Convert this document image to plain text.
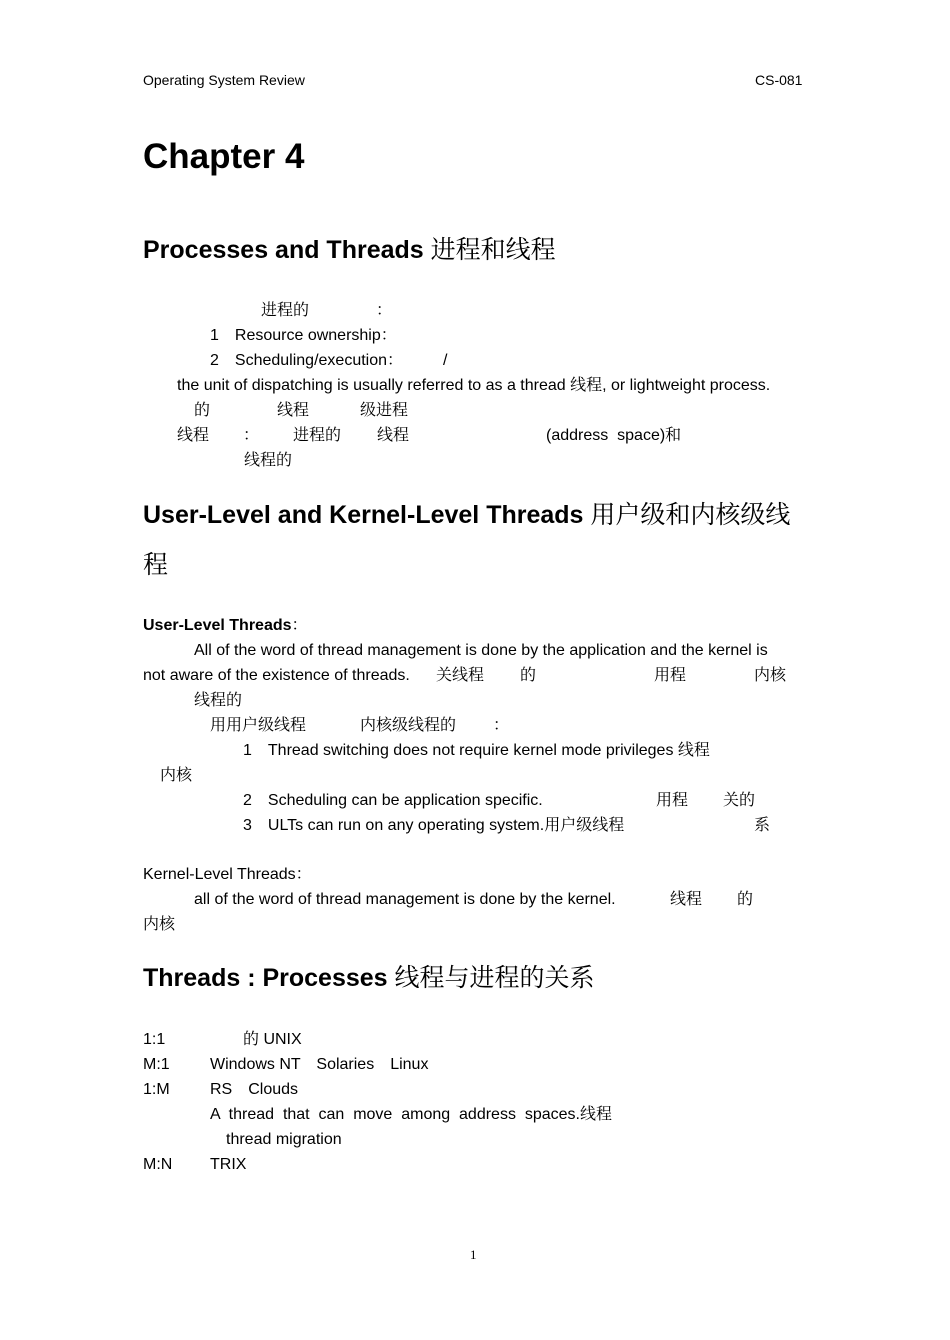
Operating System Review	CS-081
Chapter 4
Processes and Threads 进程和线程
进程的	：
1　Resource ownership：
2　Scheduling/execution： /
the unit of dispatching is usually referred to as a thread 线程, or lightweight process.
的	线程	级进程
线程 ： 进程的 线程	(address  space)和
线程的
User-Level and Kernel-Level Threads 用户级和内核级线
程
User-Level Threads：
All of the word of thread management is done by the application and the kernel is
not aware of the existence of threads. 关线程 的	用程	内核
线程的
用用户级线程	内核级线程的 ：
1　Thread switching does not require kernel mode privileges 线程
内核
2　Scheduling can be application specific.	用程 关的
3　ULTs can run on any operating system.用户级线程	系
Kernel-Level Threads：
all of the word of thread management is done by the kernel.	线程 的
内核
Threads : Processes 线程与进程的关系
1:1	的 UNIX
M:1	Windows NT　Solaries　Linux
1:M	RS　Clouds
A  thread  that  can  move  among  address  spaces.线程
thread migration
M:N TRIX
1
